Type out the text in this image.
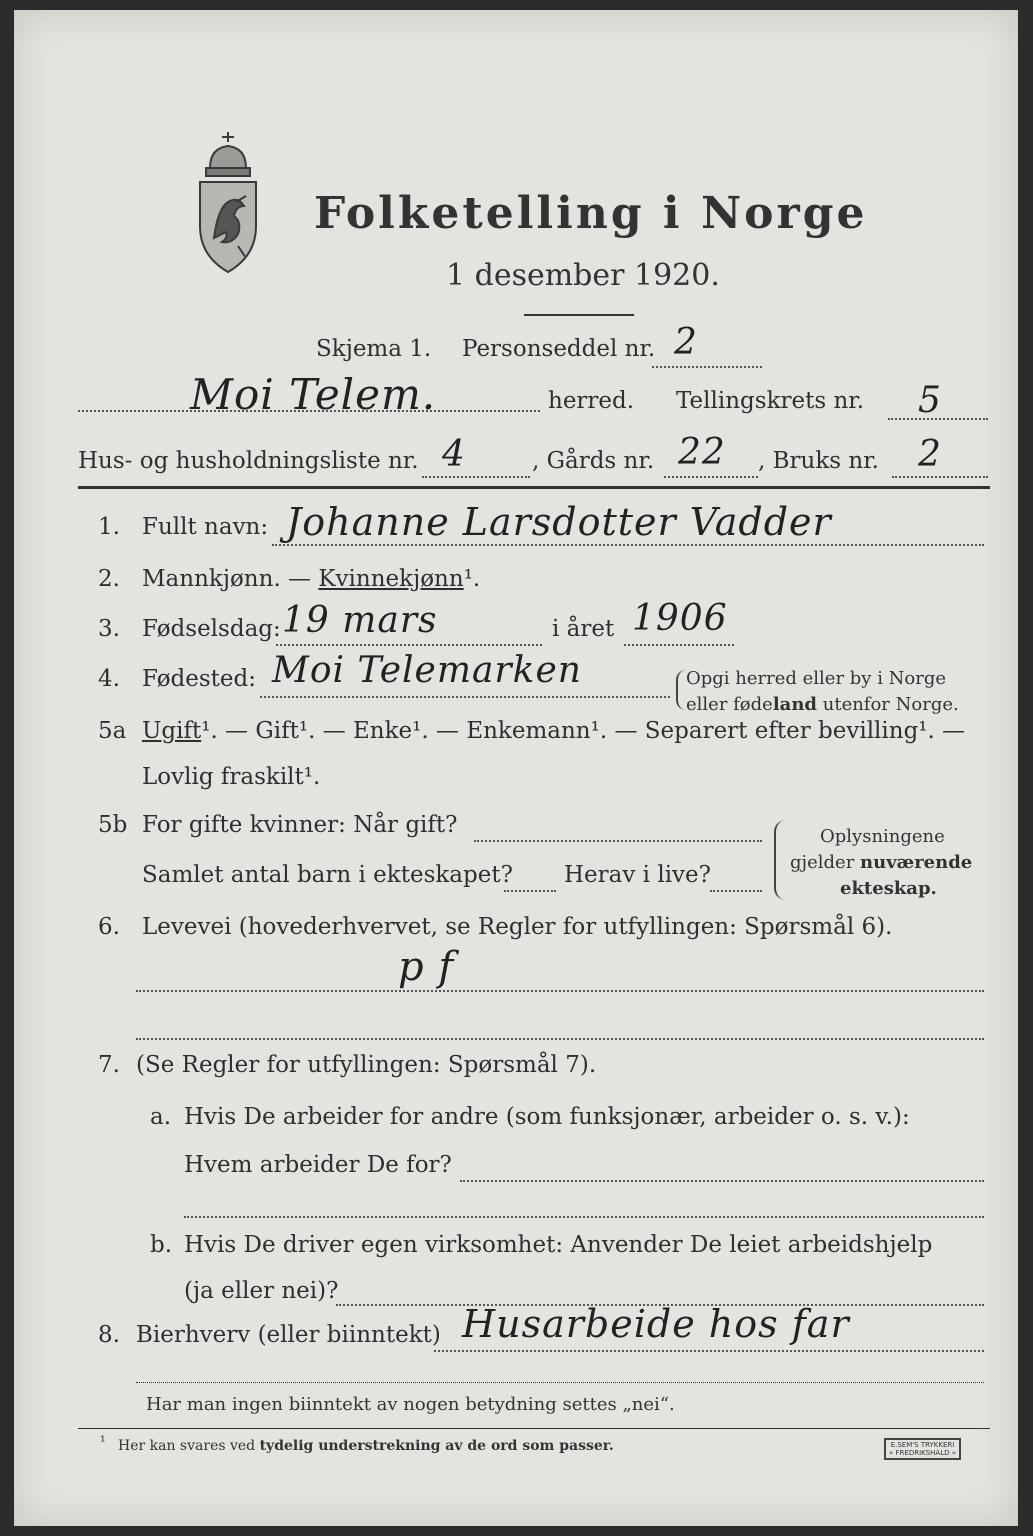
Folketelling i Norge
1 desember 1920.
Skjema 1. Personseddel nr. 2
Moi Telem.	herred. Tellingskrets nr. 5
Hus- og husholdningsliste nr. 4	, Gårds nr. 22 , Bruks nr. 2
1. Fullt navn: Johanne Larsdotter Vadder
2. Mannkjønn. — Kvinnekjønn¹.
3. Fødselsdag: 19 mars	i året 1906
4. Fødested: Moi Telemarken	Opgi herred eller by i Norge
eller fødeland utenfor Norge.
5a Ugift¹. — Gift¹. — Enke¹. — Enkemann¹. — Separert efter bevilling¹. —
Lovlig fraskilt¹.
5b For gifte kvinner: Når gift?
Samlet antal barn i ekteskapet? Herav i live?
Oplysningene
gjelder nuværende
ekteskap.
6. Levevei (hovederhvervet, se Regler for utfyllingen: Spørsmål 6).
p f
7. (Se Regler for utfyllingen: Spørsmål 7).
a. Hvis De arbeider for andre (som funksjonær, arbeider o. s. v.):
Hvem arbeider De for?
b. Hvis De driver egen virksomhet: Anvender De leiet arbeidshjelp
(ja eller nei)?
8. Bierhverv (eller biinntekt) Husarbeide hos far
Har man ingen biinntekt av nogen betydning settes „nei“.
¹ Her kan svares ved tydelig understrekning av de ord som passer.	E.SEM'S TRYKKERI
» FREDRIKSHALD «
